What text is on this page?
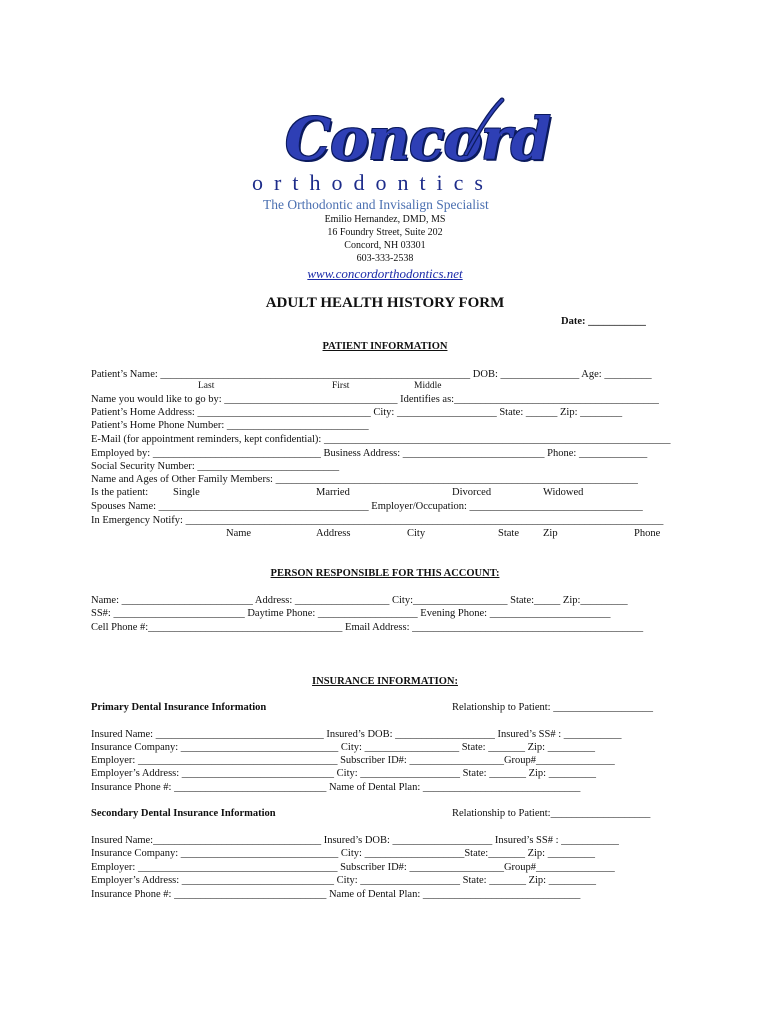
Concord
orthodontics
The Orthodontic and Invisalign Specialist
Emilio Hernandez, DMD, MS
16 Foundry Street, Suite 202
Concord, NH 03301
603-333-2538
www.concordorthodontics.net
ADULT HEALTH HISTORY FORM
Date: ___________
PATIENT INFORMATION
Patient’s Name: ___________________________________________________________ DOB: _______________ Age: _________
Last	First	Middle
Name you would like to go by: _________________________________ Identifies as:_______________________________________
Patient’s Home Address: _________________________________ City: ___________________ State: ______ Zip: ________
Patient’s Home Phone Number: ___________________________
E-Mail (for appointment reminders, kept confidential): __________________________________________________________________
Employed by: ________________________________ Business Address: ___________________________ Phone: _____________
Social Security Number: ___________________________
Name and Ages of Other Family Members: _____________________________________________________________________
Is the patient: Single	Married	Divorced	Widowed
Spouses Name: ________________________________________ Employer/Occupation: _________________________________
In Emergency Notify: ___________________________________________________________________________________________
Name	Address	City	State Zip	Phone
PERSON RESPONSIBLE FOR THIS ACCOUNT:
Name: _________________________ Address: __________________ City:__________________ State:_____ Zip:_________
SS#: _________________________ Daytime Phone: ___________________ Evening Phone: _______________________
Cell Phone #:_____________________________________ Email Address: ____________________________________________
INSURANCE INFORMATION:
Primary Dental Insurance Information	Relationship to Patient: ___________________
Insured Name: ________________________________ Insured’s DOB: ___________________ Insured’s SS# : ___________
Insurance Company: ______________________________ City: __________________ State: _______ Zip: _________
Employer: ______________________________________ Subscriber ID#: __________________Group#_______________
Employer’s Address: _____________________________ City: ___________________ State: _______ Zip: _________
Insurance Phone #: _____________________________ Name of Dental Plan: ______________________________
Secondary Dental Insurance Information	Relationship to Patient:___________________
Insured Name:________________________________ Insured’s DOB: ___________________ Insured’s SS# : ___________
Insurance Company: ______________________________ City: ___________________State:_______ Zip: _________
Employer: ______________________________________ Subscriber ID#: __________________Group#_______________
Employer’s Address: _____________________________ City: ___________________ State: _______ Zip: _________
Insurance Phone #: _____________________________ Name of Dental Plan: ______________________________
